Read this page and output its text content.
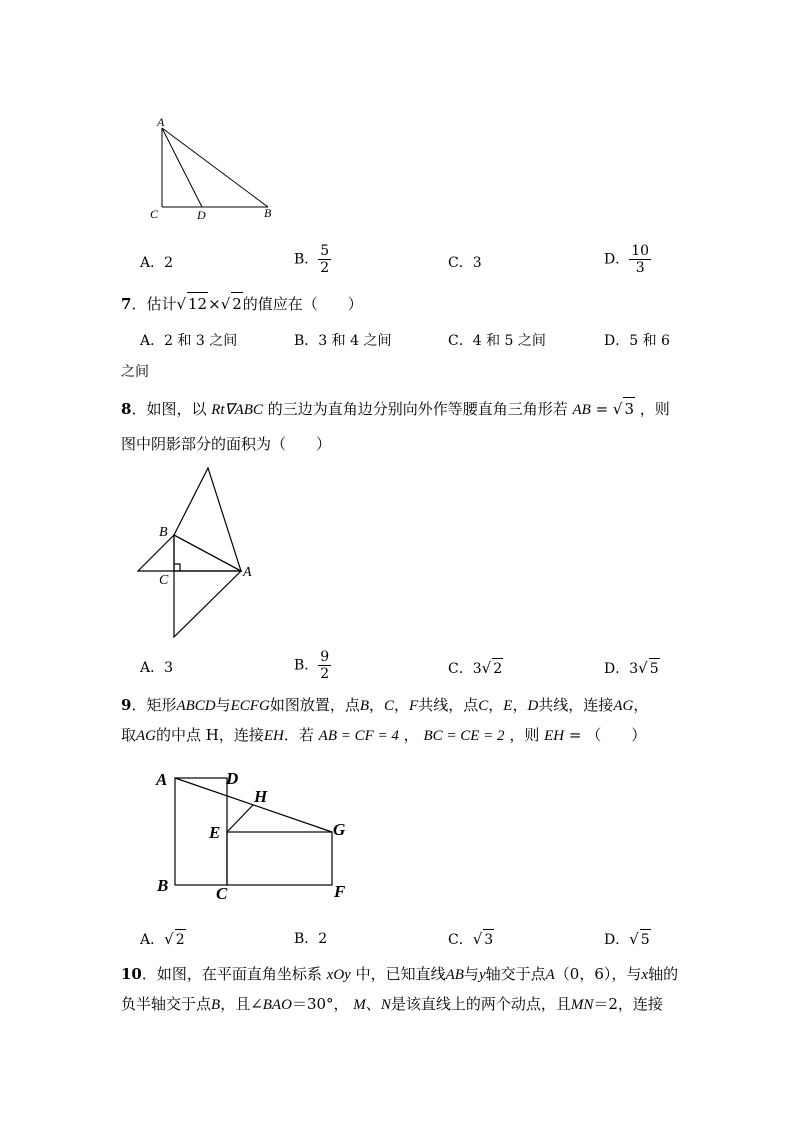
A
C	D	B
A．2	B． $\frac{5}{2}$	C．3	D． $\frac{10}{3}$
7．估计√ 12×√ 2的值应在（　　）
A．2 和 3 之间	B．3 和 4 之间	C．4 和 5 之间	D．5 和 6
之间
8．如图，以 Rt∇ABC 的三边为直角边分别向外作等腰直角三角形若 AB = √ 3 ，则
图中阴影部分的面积为（　　）
B
C
A
A．3	B． $\frac{9}{2}$	C．3√ 2	D．3√ 5
9．矩形ABCD与ECFG如图放置，点B，C，F共线，点C，E，D共线，连接AG，
取AG的中点 H，连接EH．若 AB = CF = 4 ， BC = CE = 2 ，则 EH = （　　）
A	D
H
E	G
B	C	F
A．√ 2	B．2	C．√ 3	D．√ 5
10．如图，在平面直角坐标系 xOy 中，已知直线AB与y轴交于点A（0，6），与x轴的
负半轴交于点B，且∠BAO＝30°， M、N是该直线上的两个动点，且MN＝2，连接
